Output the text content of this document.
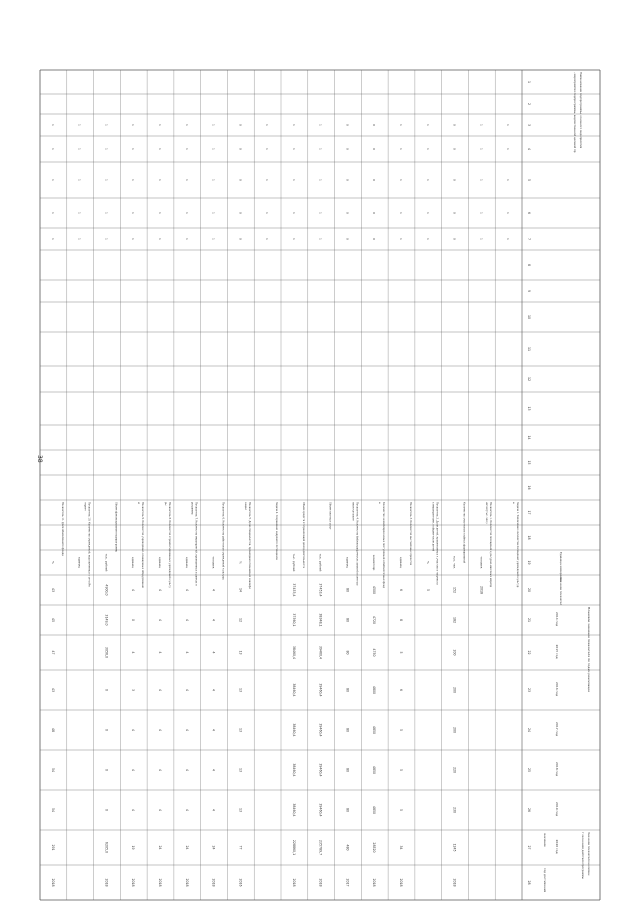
Наименование подпрограммы, основного мероприятия
, мероприятия подпрограммы, ведомственной целевой пр
Плановое значение показателя по годам реализации
Значение показателя на момен
т окончания действия программы
Единица измерения
Значение показател
2014 год
2015 год
2016 год
2017 год
2018 год
2019 год
2020 год
значение
год достижения
1
2
3
4
5
6
7
8
9
10
11
12
13
14
15
16
17
18
19
20
21
22
23
24
25
26
27
28
Задача 1. Увеличение количества посещений учреждений культур
ы
Показатель 1. Количество посещений культурно-массовых меропр
иятий (тыс. чел.)
человек
2018
Количество участников клубных формирований
тыс. чел.
152
182
200
200
200
220
230
1245
2018
Показатель 2. Доля детей, привлекаемых к участию в творчески
х мероприятиям, в общем числе детей
%
5
Показатель 3. Количество выставочных проектов
единиц
6
8
5
6
5
5
5
34
2018
Количество экземпляров новых поступлений в библиотечные фонд
ы
экземпляр
4500
4720
4750
4800
4850
4850
4850
28520
2018
Показатель 4. Количество библиографических записей в электро
нном каталоге
единиц
80
80
80
80
80
80
80
480
2017
Объем платных услуг
тыс. рублей
37453,4
38348,1
39460,4
39460,4
39460,4
39460,4
39460,4
235789,7
2018
Объем средств от приносящей доход деятельности
тыс. рублей
37453,4
37560,1
38460,4
38460,4
38460,4
38460,4
38460,4
228860,1
2018
Задача 2. Сохранение кадрового потенциала
Показатель 5. Доля специалистов, прошедших повышение квалифи
кации
%
14
12
13
13
13
13
13
77
2016
Показатель 6. Количество работников учреждений культуры
человек
4
4
4
4
4
4
4
24
2018
Показатель 7. Количество мероприятий, проведенных в рамках п
рограммы
единиц
4
4
4
4
4
4
4
24
2018
Показатель 8. Количество отремонтированных учреждений культу
ры
единиц
4
4
4
4
4
4
4
24
2018
Показатель 9. Количество учреждений, оснащенных оборудование
м
единиц
4
0
4
3
4
4
4
19
2018
Объем финансирования подпрограммы
тыс. рублей
4900,0
3149,0
3056,0
0
0
0
0
6205,0
2018
Показатель 10. Количество учреждений, подключенных к сети Ин
тернет
единиц
Показатель 11. Доля обновленного фонда
%
43
45
47
43
48
54
54
291
2018
1
1
1
1
1
1
1
1
1
1
0
0
0
0
0
1
1
1
1
1
1
1
1
1
1
0
0
0
0
0
0
0
0
0
0
1
1
1
1
1
1
1
1
1
1
1
1
1
1
1
0
0
0
0
0
1
1
1
1
1
1
1
1
1
1
1
1
1
1
1
1
1
1
1
1
1
1
1
1
1
1
1
1
1
1
1
1
1
1
1
38
